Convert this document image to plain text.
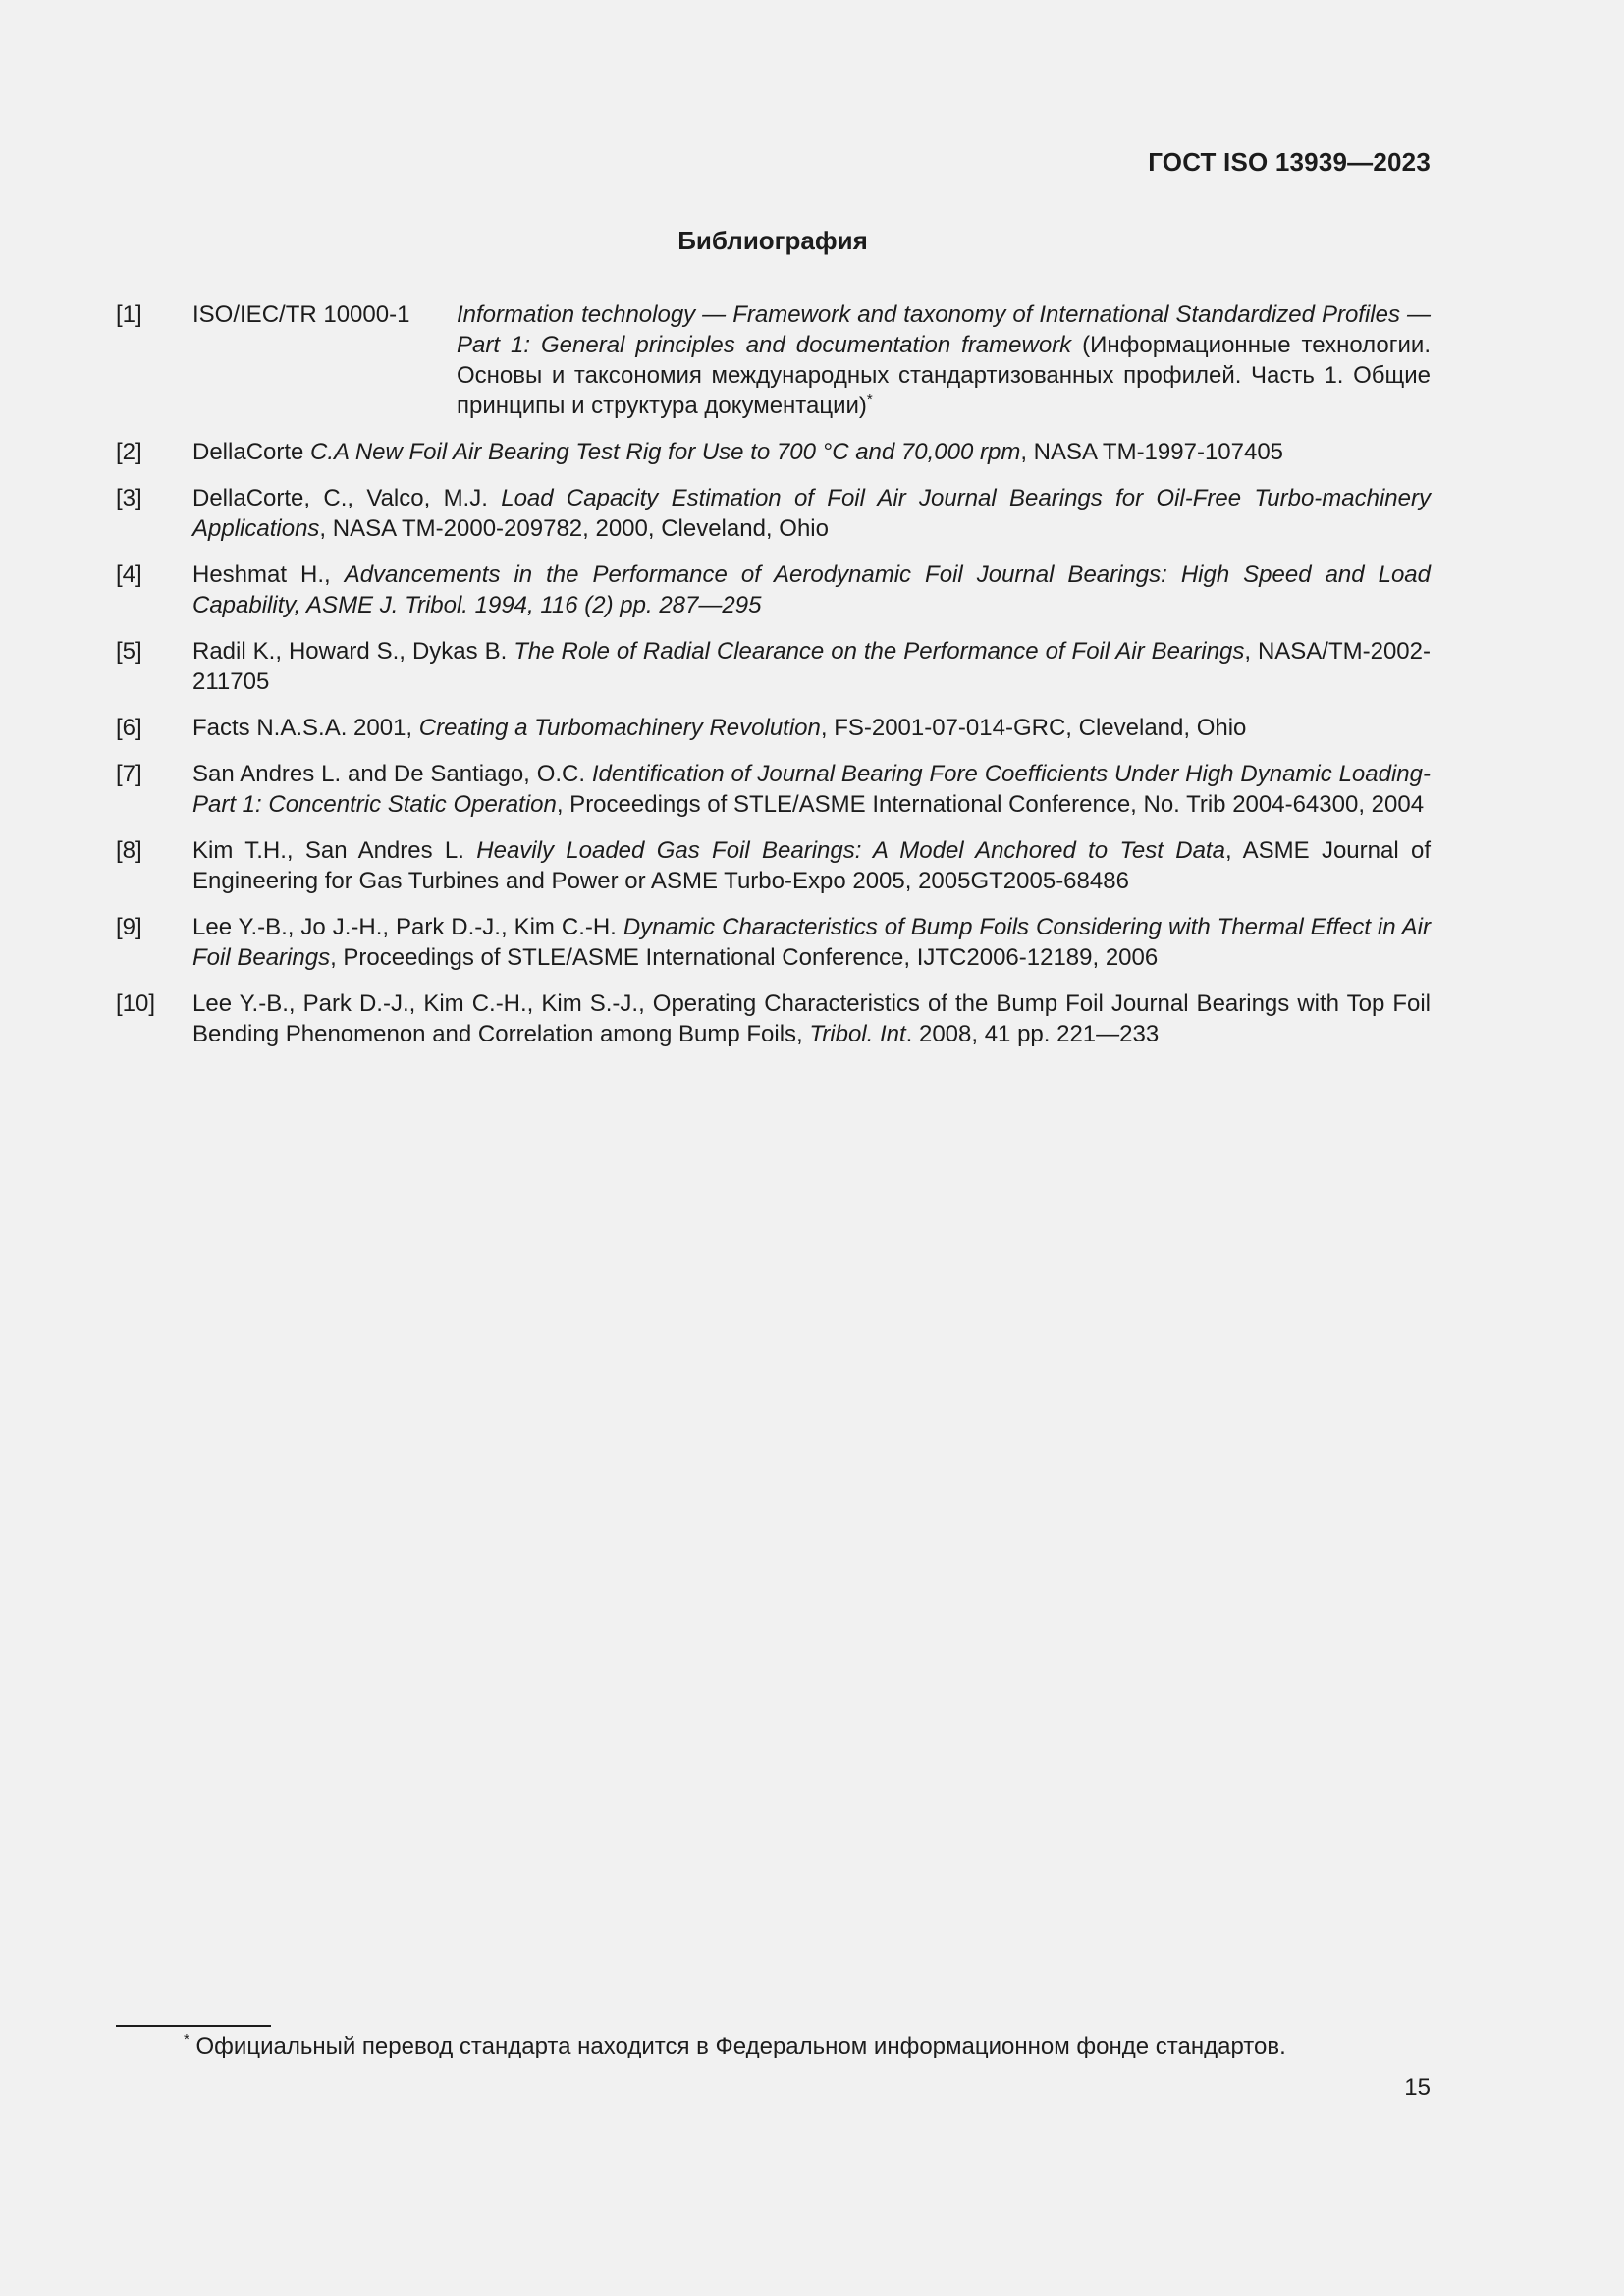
ГОСТ ISO 13939—2023
Библиография
[1] ISO/IEC/TR 10000-1 Information technology — Framework and taxonomy of International Standardized Profiles — Part 1: General principles and documentation framework (Информационные технологии. Основы и таксономия международных стандартизованных профилей. Часть 1. Общие принципы и структура документации)*
[2] DellaCorte C.A New Foil Air Bearing Test Rig for Use to 700 °C and 70,000 rpm, NASA TM-1997-107405
[3] DellaCorte, C., Valco, M.J. Load Capacity Estimation of Foil Air Journal Bearings for Oil-Free Turbo-machinery Applications, NASA TM-2000-209782, 2000, Cleveland, Ohio
[4] Heshmat H., Advancements in the Performance of Aerodynamic Foil Journal Bearings: High Speed and Load Capability, ASME J. Tribol. 1994, 116 (2) pp. 287—295
[5] Radil K., Howard S., Dykas B. The Role of Radial Clearance on the Performance of Foil Air Bearings, NASA/TM-2002-211705
[6] Facts N.A.S.A. 2001, Creating a Turbomachinery Revolution, FS-2001-07-014-GRC, Cleveland, Ohio
[7] San Andres L. and De Santiago, O.C. Identification of Journal Bearing Fore Coefficients Under High Dynamic Loading-Part 1: Concentric Static Operation, Proceedings of STLE/ASME International Conference, No. Trib 2004-64300, 2004
[8] Kim T.H., San Andres L. Heavily Loaded Gas Foil Bearings: A Model Anchored to Test Data, ASME Journal of Engineering for Gas Turbines and Power or ASME Turbo-Expo 2005, 2005GT2005-68486
[9] Lee Y.-B., Jo J.-H., Park D.-J., Kim C.-H. Dynamic Characteristics of Bump Foils Considering with Thermal Effect in Air Foil Bearings, Proceedings of STLE/ASME International Conference, IJTC2006-12189, 2006
[10] Lee Y.-B., Park D.-J., Kim C.-H., Kim S.-J., Operating Characteristics of the Bump Foil Journal Bearings with Top Foil Bending Phenomenon and Correlation among Bump Foils, Tribol. Int. 2008, 41 pp. 221—233
* Официальный перевод стандарта находится в Федеральном информационном фонде стандартов.
15
